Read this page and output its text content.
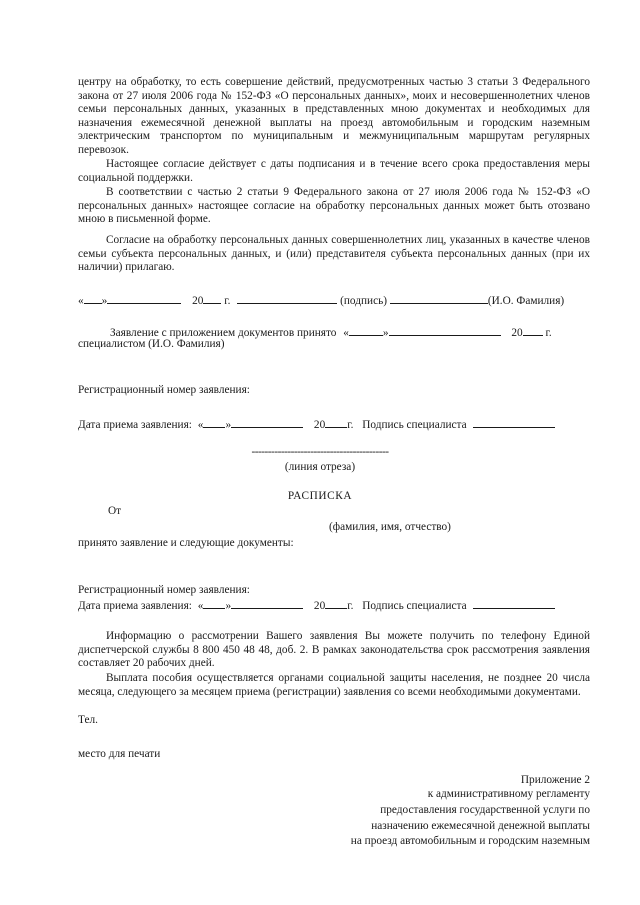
центру на обработку, то есть совершение действий, предусмотренных частью 3 статьи 3 Федерального закона от 27 июля 2006 года № 152-ФЗ «О персональных данных», моих и несовершеннолетних членов семьи персональных данных, указанных в представленных мною документах и необходимых для назначения ежемесячной денежной выплаты на проезд автомобильным и городским наземным электрическим транспортом по муниципальным и межмуниципальным маршрутам регулярных перевозок.

Настоящее согласие действует с даты подписания и в течение всего срока предоставления меры социальной поддержки.

В соответствии с частью 2 статьи 9 Федерального закона от 27 июля 2006 года № 152-ФЗ «О персональных данных» настоящее согласие на обработку персональных данных может быть отозвано мною в письменной форме.

Согласие на обработку персональных данных совершеннолетних лиц, указанных в качестве членов семьи субъекта персональных данных, и (или) представителя субъекта персональных данных (при их наличии) прилагаю.

« »	20 г.	(подпись)	(И.О. Фамилия)
Заявление с приложением документов принято «	»	20 г.
специалистом (И.О. Фамилия)
Регистрационный номер заявления:
Дата приема заявления: « »	20 г. Подпись специалиста
------------------------------------------
(линия отреза)
РАСПИСКА
От
(фамилия, имя, отчество)
принято заявление и следующие документы:
Регистрационный номер заявления:
Дата приема заявления: « »	20 г. Подпись специалиста

Информацию о рассмотрении Вашего заявления Вы можете получить по телефону Единой диспетчерской службы 8 800 450 48 48, доб. 2. В рамках законодательства срок рассмотрения заявления составляет 20 рабочих дней.

Выплата пособия осуществляется органами социальной защиты населения, не позднее 20 числа месяца, следующего за месяцем приема (регистрации) заявления со всеми необходимыми документами.

Тел.
место для печати
Приложение 2
к административному регламенту
предоставления государственной услуги по
назначению ежемесячной денежной выплаты
на проезд автомобильным и городским наземным
